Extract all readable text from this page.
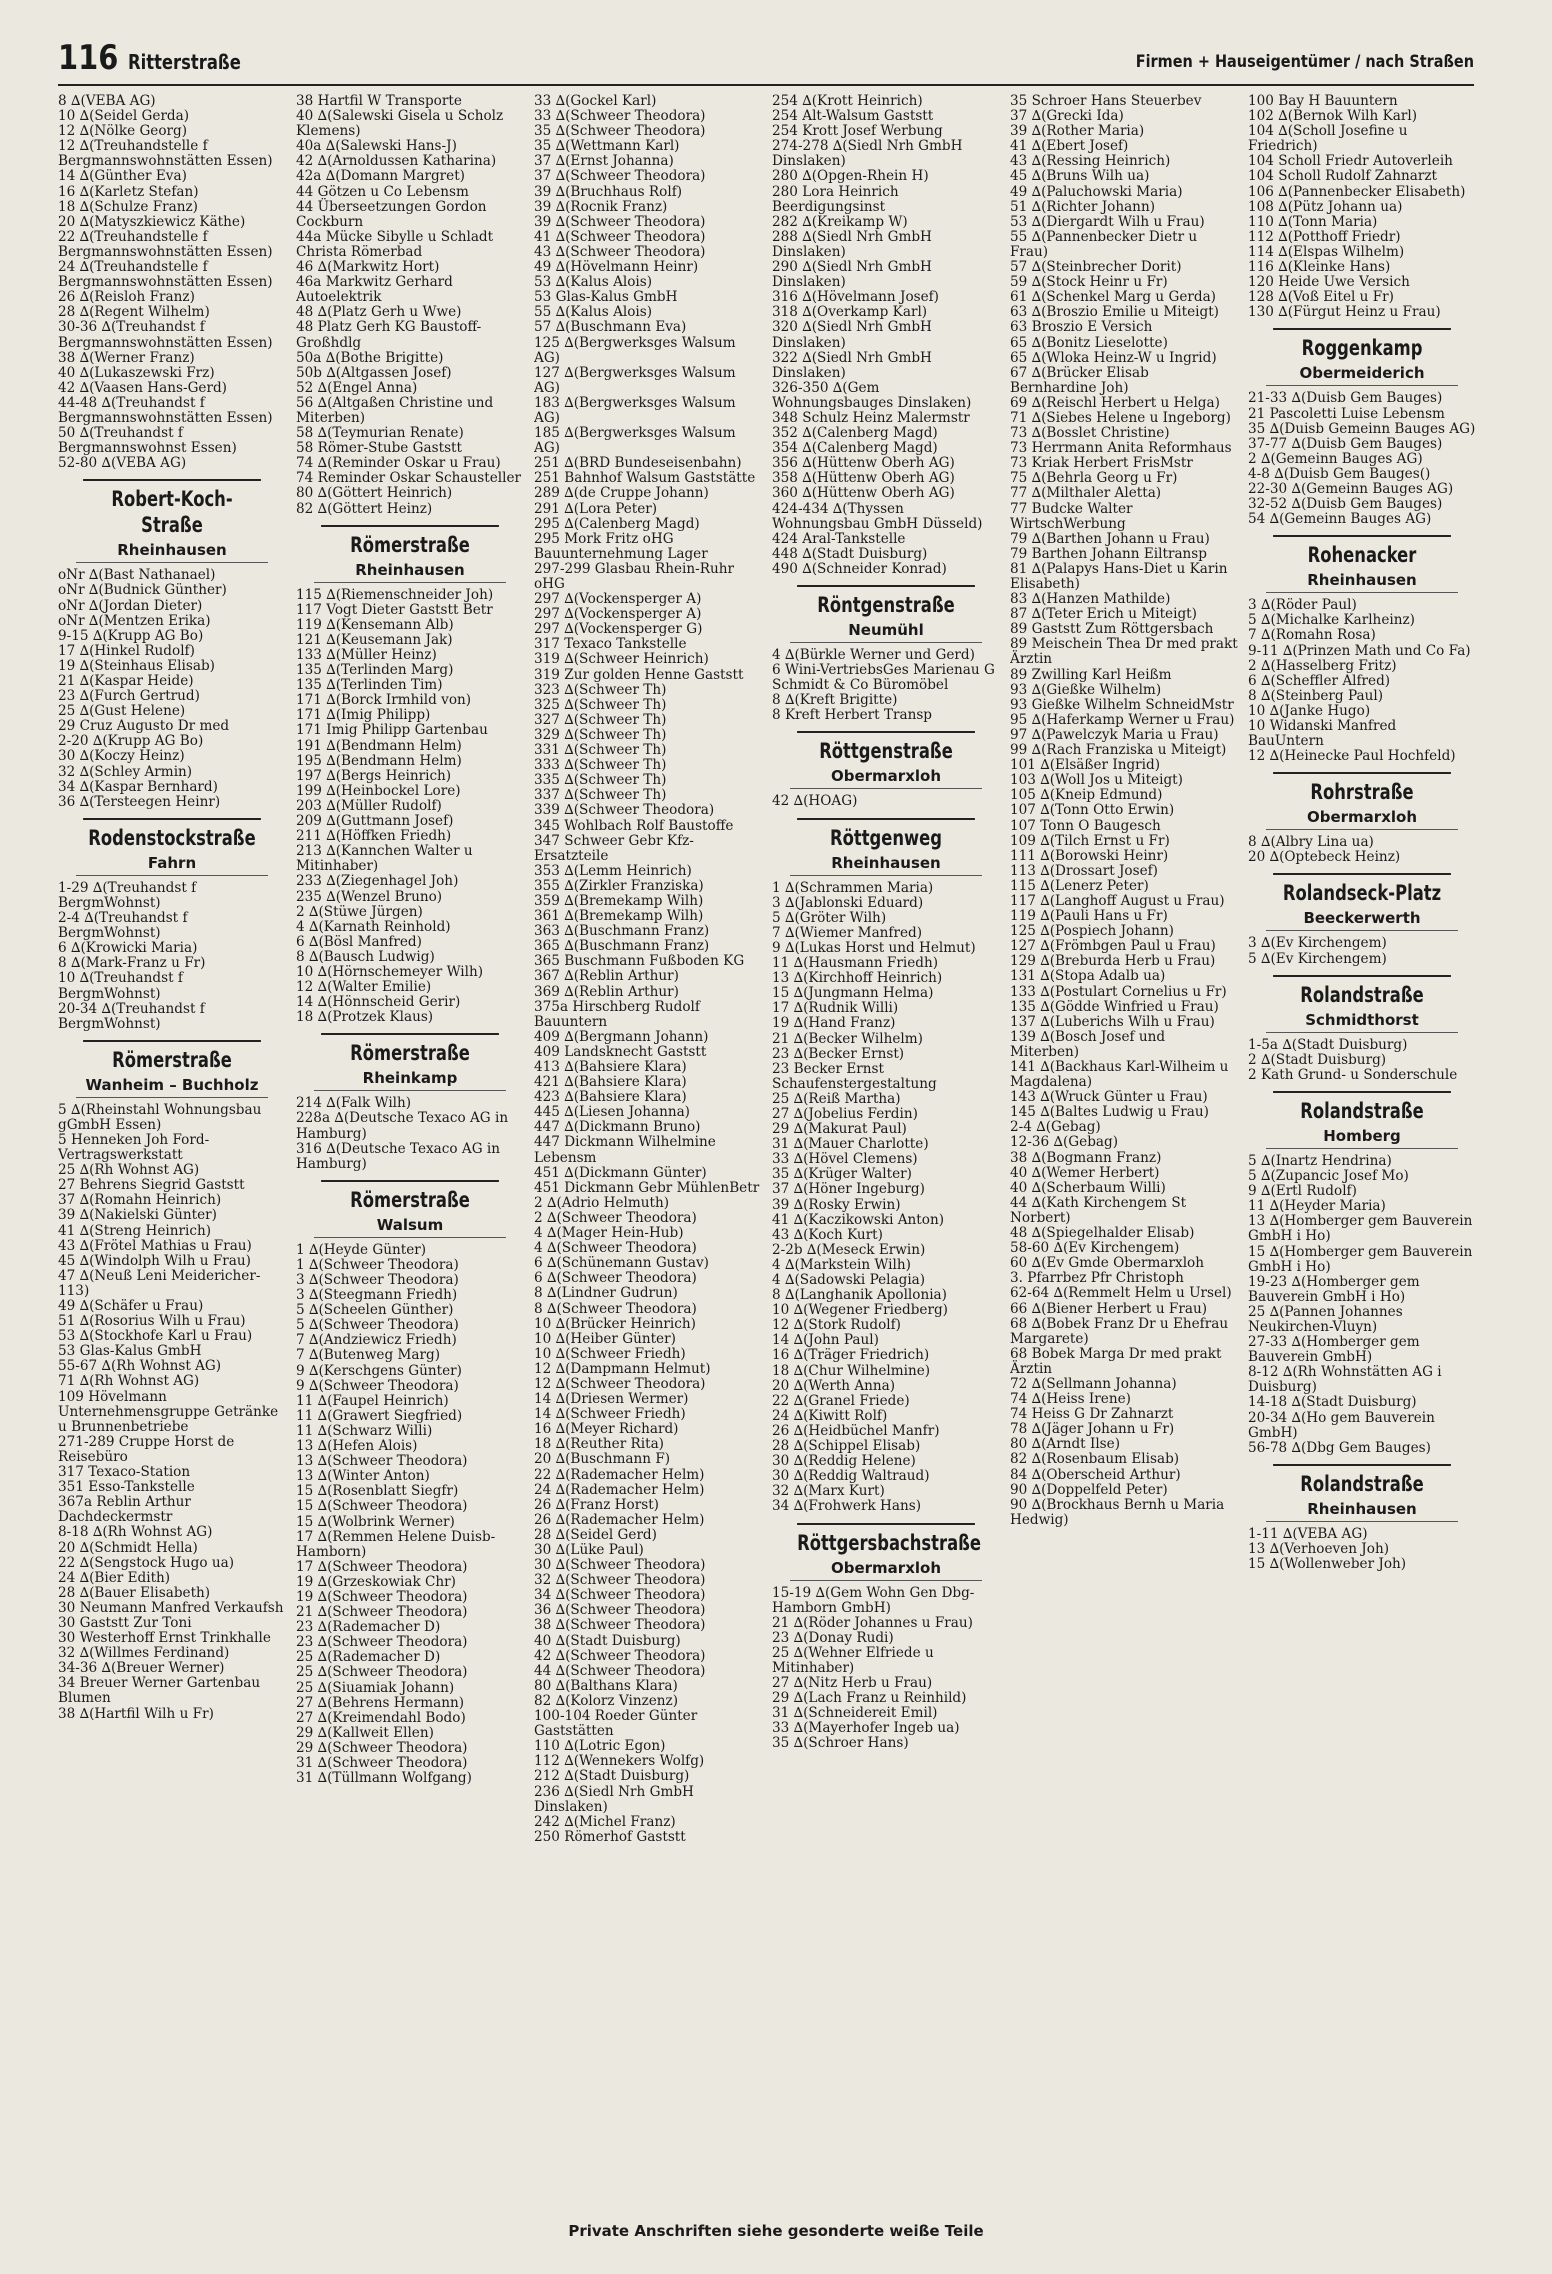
116 Ritterstraße	Firmen + Hauseigentümer / nach Straßen
8 ∆(VEBA AG)
10 ∆(Seidel Gerda)
12 ∆(Nölke Georg)
12 ∆(Treuhandstelle f Bergmannswohnstätten Essen)
14 ∆(Günther Eva)
16 ∆(Karletz Stefan)
18 ∆(Schulze Franz)
20 ∆(Matyszkiewicz Käthe)
22 ∆(Treuhandstelle f Bergmannswohnstätten Essen)
24 ∆(Treuhandstelle f Bergmannswohnstätten Essen)
26 ∆(Reisloh Franz)
28 ∆(Regent Wilhelm)
30-36 ∆(Treuhandst f Bergmannswohnstätten Essen)
38 ∆(Werner Franz)
40 ∆(Lukaszewski Frz)
42 ∆(Vaasen Hans-Gerd)
44-48 ∆(Treuhandst f Bergmannswohnstätten Essen)
50 ∆(Treuhandst f Bergmannswohnst Essen)
52-80 ∆(VEBA AG)
Robert-Koch-Straße
Rheinhausen
oNr ∆(Bast Nathanael)
oNr ∆(Budnick Günther)
oNr ∆(Jordan Dieter)
oNr ∆(Mentzen Erika)
9-15 ∆(Krupp AG Bo)
17 ∆(Hinkel Rudolf)
19 ∆(Steinhaus Elisab)
21 ∆(Kaspar Heide)
23 ∆(Furch Gertrud)
25 ∆(Gust Helene)
29 Cruz Augusto Dr med
2-20 ∆(Krupp AG Bo)
30 ∆(Koczy Heinz)
32 ∆(Schley Armin)
34 ∆(Kaspar Bernhard)
36 ∆(Tersteegen Heinr)
Rodenstockstraße
Fahrn
1-29 ∆(Treuhandst f BergmWohnst)
2-4 ∆(Treuhandst f BergmWohnst)
6 ∆(Krowicki Maria)
8 ∆(Mark-Franz u Fr)
10 ∆(Treuhandst f BergmWohnst)
20-34 ∆(Treuhandst f BergmWohnst)
Römerstraße
Wanheim – Buchholz
5 ∆(Rheinstahl Wohnungsbau gGmbH Essen)
5 Henneken Joh Ford-Vertragswerkstatt
25 ∆(Rh Wohnst AG)
27 Behrens Siegrid Gaststt
37 ∆(Romahn Heinrich)
39 ∆(Nakielski Günter)
41 ∆(Streng Heinrich)
43 ∆(Frötel Mathias u Frau)
45 ∆(Windolph Wilh u Frau)
47 ∆(Neuß Leni Meidericher-113)
49 ∆(Schäfer u Frau)
51 ∆(Rosorius Wilh u Frau)
53 ∆(Stockhofe Karl u Frau)
53 Glas-Kalus GmbH
55-67 ∆(Rh Wohnst AG)
71 ∆(Rh Wohnst AG)
109 Hövelmann Unternehmensgruppe Getränke u Brunnenbetriebe
271-289 Cruppe Horst de Reisebüro
317 Texaco-Station
351 Esso-Tankstelle
367a Reblin Arthur Dachdeckermstr
8-18 ∆(Rh Wohnst AG)
20 ∆(Schmidt Hella)
22 ∆(Sengstock Hugo ua)
24 ∆(Bier Edith)
28 ∆(Bauer Elisabeth)
30 Neumann Manfred Verkaufsh
30 Gaststt Zur Toni
30 Westerhoff Ernst Trinkhalle
32 ∆(Willmes Ferdinand)
34-36 ∆(Breuer Werner)
34 Breuer Werner Gartenbau Blumen
38 ∆(Hartfil Wilh u Fr)
38 Hartfil W Transporte
40 ∆(Salewski Gisela u Scholz Klemens)
40a ∆(Salewski Hans-J)
42 ∆(Arnoldussen Katharina)
42a ∆(Domann Margret)
44 Götzen u Co Lebensm
44 Überseetzungen Gordon Cockburn
44a Mücke Sibylle u Schladt Christa Römerbad
46 ∆(Markwitz Hort)
46a Markwitz Gerhard Autoelektrik
48 ∆(Platz Gerh u Wwe)
48 Platz Gerh KG Baustoff-Großhdlg
50a ∆(Bothe Brigitte)
50b ∆(Altgassen Josef)
52 ∆(Engel Anna)
56 ∆(Altgaßen Christine und Miterben)
58 ∆(Teymurian Renate)
58 Römer-Stube Gaststt
74 ∆(Reminder Oskar u Frau)
74 Reminder Oskar Schausteller
80 ∆(Göttert Heinrich)
82 ∆(Göttert Heinz)
Römerstraße
Rheinhausen
115 ∆(Riemenschneider Joh)
117 Vogt Dieter Gaststt Betr
119 ∆(Kensemann Alb)
121 ∆(Keusemann Jak)
133 ∆(Müller Heinz)
135 ∆(Terlinden Marg)
135 ∆(Terlinden Tim)
171 ∆(Borck Irmhild von)
171 ∆(Imig Philipp)
171 Imig Philipp Gartenbau
191 ∆(Bendmann Helm)
195 ∆(Bendmann Helm)
197 ∆(Bergs Heinrich)
199 ∆(Heinbockel Lore)
203 ∆(Müller Rudolf)
209 ∆(Guttmann Josef)
211 ∆(Höffken Friedh)
213 ∆(Kannchen Walter u Mitinhaber)
233 ∆(Ziegenhagel Joh)
235 ∆(Wenzel Bruno)
2 ∆(Stüwe Jürgen)
4 ∆(Karnath Reinhold)
6 ∆(Bösl Manfred)
8 ∆(Bausch Ludwig)
10 ∆(Hörnschemeyer Wilh)
12 ∆(Walter Emilie)
14 ∆(Hönnscheid Gerir)
18 ∆(Protzek Klaus)
Römerstraße
Rheinkamp
214 ∆(Falk Wilh)
228a ∆(Deutsche Texaco AG in Hamburg)
316 ∆(Deutsche Texaco AG in Hamburg)
Römerstraße
Walsum
1 ∆(Heyde Günter)
1 ∆(Schweer Theodora)
3 ∆(Schweer Theodora)
3 ∆(Steegmann Friedh)
5 ∆(Scheelen Günther)
5 ∆(Schweer Theodora)
7 ∆(Andziewicz Friedh)
7 ∆(Butenweg Marg)
9 ∆(Kerschgens Günter)
9 ∆(Schweer Theodora)
11 ∆(Faupel Heinrich)
11 ∆(Grawert Siegfried)
11 ∆(Schwarz Willi)
13 ∆(Hefen Alois)
13 ∆(Schweer Theodora)
13 ∆(Winter Anton)
15 ∆(Rosenblatt Siegfr)
15 ∆(Schweer Theodora)
15 ∆(Wolbrink Werner)
17 ∆(Remmen Helene Duisb-Hamborn)
17 ∆(Schweer Theodora)
19 ∆(Grzeskowiak Chr)
19 ∆(Schweer Theodora)
21 ∆(Schweer Theodora)
23 ∆(Rademacher D)
23 ∆(Schweer Theodora)
25 ∆(Rademacher D)
25 ∆(Schweer Theodora)
25 ∆(Siuamiak Johann)
27 ∆(Behrens Hermann)
27 ∆(Kreimendahl Bodo)
29 ∆(Kallweit Ellen)
29 ∆(Schweer Theodora)
31 ∆(Schweer Theodora)
31 ∆(Tüllmann Wolfgang)
33 ∆(Gockel Karl)
33 ∆(Schweer Theodora)
35 ∆(Schweer Theodora)
35 ∆(Wettmann Karl)
37 ∆(Ernst Johanna)
37 ∆(Schweer Theodora)
39 ∆(Bruchhaus Rolf)
39 ∆(Rocnik Franz)
39 ∆(Schweer Theodora)
41 ∆(Schweer Theodora)
43 ∆(Schweer Theodora)
49 ∆(Hövelmann Heinr)
53 ∆(Kalus Alois)
53 Glas-Kalus GmbH
55 ∆(Kalus Alois)
57 ∆(Buschmann Eva)
125 ∆(Bergwerksges Walsum AG)
127 ∆(Bergwerksges Walsum AG)
183 ∆(Bergwerksges Walsum AG)
185 ∆(Bergwerksges Walsum AG)
251 ∆(BRD Bundeseisenbahn)
251 Bahnhof Walsum Gaststätte
289 ∆(de Cruppe Johann)
291 ∆(Lora Peter)
295 ∆(Calenberg Magd)
295 Mork Fritz oHG Bauunternehmung Lager
297-299 Glasbau Rhein-Ruhr oHG
297 ∆(Vockensperger A)
297 ∆(Vockensperger A)
297 ∆(Vockensperger G)
317 Texaco Tankstelle
319 ∆(Schweer Heinrich)
319 Zur golden Henne Gaststt
323 ∆(Schweer Th)
325 ∆(Schweer Th)
327 ∆(Schweer Th)
329 ∆(Schweer Th)
331 ∆(Schweer Th)
333 ∆(Schweer Th)
335 ∆(Schweer Th)
337 ∆(Schweer Th)
339 ∆(Schweer Theodora)
345 Wohlbach Rolf Baustoffe
347 Schweer Gebr Kfz-Ersatzteile
353 ∆(Lemm Heinrich)
355 ∆(Zirkler Franziska)
359 ∆(Bremekamp Wilh)
361 ∆(Bremekamp Wilh)
363 ∆(Buschmann Franz)
365 ∆(Buschmann Franz)
365 Buschmann Fußboden KG
367 ∆(Reblin Arthur)
369 ∆(Reblin Arthur)
375a Hirschberg Rudolf Bauuntern
409 ∆(Bergmann Johann)
409 Landsknecht Gaststt
413 ∆(Bahsiere Klara)
421 ∆(Bahsiere Klara)
423 ∆(Bahsiere Klara)
445 ∆(Liesen Johanna)
447 ∆(Dickmann Bruno)
447 Dickmann Wilhelmine Lebensm
451 ∆(Dickmann Günter)
451 Dickmann Gebr MühlenBetr
2 ∆(Adrio Helmuth)
2 ∆(Schweer Theodora)
4 ∆(Mager Hein-Hub)
4 ∆(Schweer Theodora)
6 ∆(Schünemann Gustav)
6 ∆(Schweer Theodora)
8 ∆(Lindner Gudrun)
8 ∆(Schweer Theodora)
10 ∆(Brücker Heinrich)
10 ∆(Heiber Günter)
10 ∆(Schweer Friedh)
12 ∆(Dampmann Helmut)
12 ∆(Schweer Theodora)
14 ∆(Driesen Wermer)
14 ∆(Schweer Friedh)
16 ∆(Meyer Richard)
18 ∆(Reuther Rita)
20 ∆(Buschmann F)
22 ∆(Rademacher Helm)
24 ∆(Rademacher Helm)
26 ∆(Franz Horst)
26 ∆(Rademacher Helm)
28 ∆(Seidel Gerd)
30 ∆(Lüke Paul)
30 ∆(Schweer Theodora)
32 ∆(Schweer Theodora)
34 ∆(Schweer Theodora)
36 ∆(Schweer Theodora)
38 ∆(Schweer Theodora)
40 ∆(Stadt Duisburg)
42 ∆(Schweer Theodora)
44 ∆(Schweer Theodora)
80 ∆(Balthans Klara)
82 ∆(Kolorz Vinzenz)
100-104 Roeder Günter Gaststätten
110 ∆(Lotric Egon)
112 ∆(Wennekers Wolfg)
212 ∆(Stadt Duisburg)
236 ∆(Siedl Nrh GmbH Dinslaken)
242 ∆(Michel Franz)
250 Römerhof Gaststt
254 ∆(Krott Heinrich)
254 Alt-Walsum Gaststt
254 Krott Josef Werbung
274-278 ∆(Siedl Nrh GmbH Dinslaken)
280 ∆(Opgen-Rhein H)
280 Lora Heinrich Beerdigungsinst
282 ∆(Kreikamp W)
288 ∆(Siedl Nrh GmbH Dinslaken)
290 ∆(Siedl Nrh GmbH Dinslaken)
316 ∆(Hövelmann Josef)
318 ∆(Overkamp Karl)
320 ∆(Siedl Nrh GmbH Dinslaken)
322 ∆(Siedl Nrh GmbH Dinslaken)
326-350 ∆(Gem Wohnungsbauges Dinslaken)
348 Schulz Heinz Malermstr
352 ∆(Calenberg Magd)
354 ∆(Calenberg Magd)
356 ∆(Hüttenw Oberh AG)
358 ∆(Hüttenw Oberh AG)
360 ∆(Hüttenw Oberh AG)
424-434 ∆(Thyssen Wohnungsbau GmbH Düsseld)
424 Aral-Tankstelle
448 ∆(Stadt Duisburg)
490 ∆(Schneider Konrad)
Röntgenstraße
Neumühl
4 ∆(Bürkle Werner und Gerd)
6 Wini-VertriebsGes Marienau G Schmidt & Co Büromöbel
8 ∆(Kreft Brigitte)
8 Kreft Herbert Transp
Röttgenstraße
Obermarxloh
42 ∆(HOAG)
Röttgenweg
Rheinhausen
1 ∆(Schrammen Maria)
3 ∆(Jablonski Eduard)
5 ∆(Gröter Wilh)
7 ∆(Wiemer Manfred)
9 ∆(Lukas Horst und Helmut)
11 ∆(Hausmann Friedh)
13 ∆(Kirchhoff Heinrich)
15 ∆(Jungmann Helma)
17 ∆(Rudnik Willi)
19 ∆(Hand Franz)
21 ∆(Becker Wilhelm)
23 ∆(Becker Ernst)
23 Becker Ernst Schaufenstergestaltung
25 ∆(Reiß Martha)
27 ∆(Jobelius Ferdin)
29 ∆(Makurat Paul)
31 ∆(Mauer Charlotte)
33 ∆(Hövel Clemens)
35 ∆(Krüger Walter)
37 ∆(Höner Ingeburg)
39 ∆(Rosky Erwin)
41 ∆(Kaczikowski Anton)
43 ∆(Koch Kurt)
2-2b ∆(Meseck Erwin)
4 ∆(Markstein Wilh)
4 ∆(Sadowski Pelagia)
8 ∆(Langhanik Apollonia)
10 ∆(Wegener Friedberg)
12 ∆(Stork Rudolf)
14 ∆(John Paul)
16 ∆(Träger Friedrich)
18 ∆(Chur Wilhelmine)
20 ∆(Werth Anna)
22 ∆(Granel Friede)
24 ∆(Kiwitt Rolf)
26 ∆(Heidbüchel Manfr)
28 ∆(Schippel Elisab)
30 ∆(Reddig Helene)
30 ∆(Reddig Waltraud)
32 ∆(Marx Kurt)
34 ∆(Frohwerk Hans)
Röttgersbachstraße
Obermarxloh
15-19 ∆(Gem Wohn Gen Dbg-Hamborn GmbH)
21 ∆(Röder Johannes u Frau)
23 ∆(Donay Rudi)
25 ∆(Wehner Elfriede u Mitinhaber)
27 ∆(Nitz Herb u Frau)
29 ∆(Lach Franz u Reinhild)
31 ∆(Schneidereit Emil)
33 ∆(Mayerhofer Ingeb ua)
35 ∆(Schroer Hans)
35 Schroer Hans Steuerbev
37 ∆(Grecki Ida)
39 ∆(Rother Maria)
41 ∆(Ebert Josef)
43 ∆(Ressing Heinrich)
45 ∆(Bruns Wilh ua)
49 ∆(Paluchowski Maria)
51 ∆(Richter Johann)
53 ∆(Diergardt Wilh u Frau)
55 ∆(Pannenbecker Dietr u Frau)
57 ∆(Steinbrecher Dorit)
59 ∆(Stock Heinr u Fr)
61 ∆(Schenkel Marg u Gerda)
63 ∆(Broszio Emilie u Miteigt)
63 Broszio E Versich
65 ∆(Bonitz Lieselotte)
65 ∆(Wloka Heinz-W u Ingrid)
67 ∆(Brücker Elisab Bernhardine Joh)
69 ∆(Reischl Herbert u Helga)
71 ∆(Siebes Helene u Ingeborg)
73 ∆(Bosslet Christine)
73 Herrmann Anita Reformhaus
73 Kriak Herbert FrisMstr
75 ∆(Behrla Georg u Fr)
77 ∆(Milthaler Aletta)
77 Budcke Walter WirtschWerbung
79 ∆(Barthen Johann u Frau)
79 Barthen Johann Eiltransp
81 ∆(Palapys Hans-Diet u Karin Elisabeth)
83 ∆(Hanzen Mathilde)
87 ∆(Teter Erich u Miteigt)
89 Gaststt Zum Röttgersbach
89 Meischein Thea Dr med prakt Ärztin
89 Zwilling Karl Heißm
93 ∆(Gießke Wilhelm)
93 Gießke Wilhelm SchneidMstr
95 ∆(Haferkamp Werner u Frau)
97 ∆(Pawelczyk Maria u Frau)
99 ∆(Rach Franziska u Miteigt)
101 ∆(Elsäßer Ingrid)
103 ∆(Woll Jos u Miteigt)
105 ∆(Kneip Edmund)
107 ∆(Tonn Otto Erwin)
107 Tonn O Baugesch
109 ∆(Tilch Ernst u Fr)
111 ∆(Borowski Heinr)
113 ∆(Drossart Josef)
115 ∆(Lenerz Peter)
117 ∆(Langhoff August u Frau)
119 ∆(Pauli Hans u Fr)
125 ∆(Pospiech Johann)
127 ∆(Frömbgen Paul u Frau)
129 ∆(Breburda Herb u Frau)
131 ∆(Stopa Adalb ua)
133 ∆(Postulart Cornelius u Fr)
135 ∆(Gödde Winfried u Frau)
137 ∆(Luberichs Wilh u Frau)
139 ∆(Bosch Josef und Miterben)
141 ∆(Backhaus Karl-Wilheim u Magdalena)
143 ∆(Wruck Günter u Frau)
145 ∆(Baltes Ludwig u Frau)
2-4 ∆(Gebag)
12-36 ∆(Gebag)
38 ∆(Bogmann Franz)
40 ∆(Wemer Herbert)
40 ∆(Scherbaum Willi)
44 ∆(Kath Kirchengem St Norbert)
48 ∆(Spiegelhalder Elisab)
58-60 ∆(Ev Kirchengem)
60 ∆(Ev Gmde Obermarxloh
3. Pfarrbez Pfr Christoph
62-64 ∆(Remmelt Helm u Ursel)
66 ∆(Biener Herbert u Frau)
68 ∆(Bobek Franz Dr u Ehefrau Margarete)
68 Bobek Marga Dr med prakt Ärztin
72 ∆(Sellmann Johanna)
74 ∆(Heiss Irene)
74 Heiss G Dr Zahnarzt
78 ∆(Jäger Johann u Fr)
80 ∆(Arndt Ilse)
82 ∆(Rosenbaum Elisab)
84 ∆(Oberscheid Arthur)
90 ∆(Doppelfeld Peter)
90 ∆(Brockhaus Bernh u Maria Hedwig)
100 Bay H Bauuntern
102 ∆(Bernok Wilh Karl)
104 ∆(Scholl Josefine u Friedrich)
104 Scholl Friedr Autoverleih
104 Scholl Rudolf Zahnarzt
106 ∆(Pannenbecker Elisabeth)
108 ∆(Pütz Johann ua)
110 ∆(Tonn Maria)
112 ∆(Potthoff Friedr)
114 ∆(Elspas Wilhelm)
116 ∆(Kleinke Hans)
120 Heide Uwe Versich
128 ∆(Voß Eitel u Fr)
130 ∆(Fürgut Heinz u Frau)
Roggenkamp
Obermeiderich
21-33 ∆(Duisb Gem Bauges)
21 Pascoletti Luise Lebensm
35 ∆(Duisb Gemeinn Bauges AG)
37-77 ∆(Duisb Gem Bauges)
2 ∆(Gemeinn Bauges AG)
4-8 ∆(Duisb Gem Bauges()
22-30 ∆(Gemeinn Bauges AG)
32-52 ∆(Duisb Gem Bauges)
54 ∆(Gemeinn Bauges AG)
Rohenacker
Rheinhausen
3 ∆(Röder Paul)
5 ∆(Michalke Karlheinz)
7 ∆(Romahn Rosa)
9-11 ∆(Prinzen Math und Co Fa)
2 ∆(Hasselberg Fritz)
6 ∆(Scheffler Alfred)
8 ∆(Steinberg Paul)
10 ∆(Janke Hugo)
10 Widanski Manfred BauUntern
12 ∆(Heinecke Paul Hochfeld)
Rohrstraße
Obermarxloh
8 ∆(Albry Lina ua)
20 ∆(Optebeck Heinz)
Rolandseck-Platz
Beeckerwerth
3 ∆(Ev Kirchengem)
5 ∆(Ev Kirchengem)
Rolandstraße
Schmidthorst
1-5a ∆(Stadt Duisburg)
2 ∆(Stadt Duisburg)
2 Kath Grund- u Sonderschule
Rolandstraße
Homberg
5 ∆(Inartz Hendrina)
5 ∆(Zupancic Josef Mo)
9 ∆(Ertl Rudolf)
11 ∆(Heyder Maria)
13 ∆(Homberger gem Bauverein GmbH i Ho)
15 ∆(Homberger gem Bauverein GmbH i Ho)
19-23 ∆(Homberger gem Bauverein GmbH i Ho)
25 ∆(Pannen Johannes Neukirchen-Vluyn)
27-33 ∆(Homberger gem Bauverein GmbH)
8-12 ∆(Rh Wohnstätten AG i Duisburg)
14-18 ∆(Stadt Duisburg)
20-34 ∆(Ho gem Bauverein GmbH)
56-78 ∆(Dbg Gem Bauges)
Rolandstraße
Rheinhausen
1-11 ∆(VEBA AG)
13 ∆(Verhoeven Joh)
15 ∆(Wollenweber Joh)
Private Anschriften siehe gesonderte weiße Teile
